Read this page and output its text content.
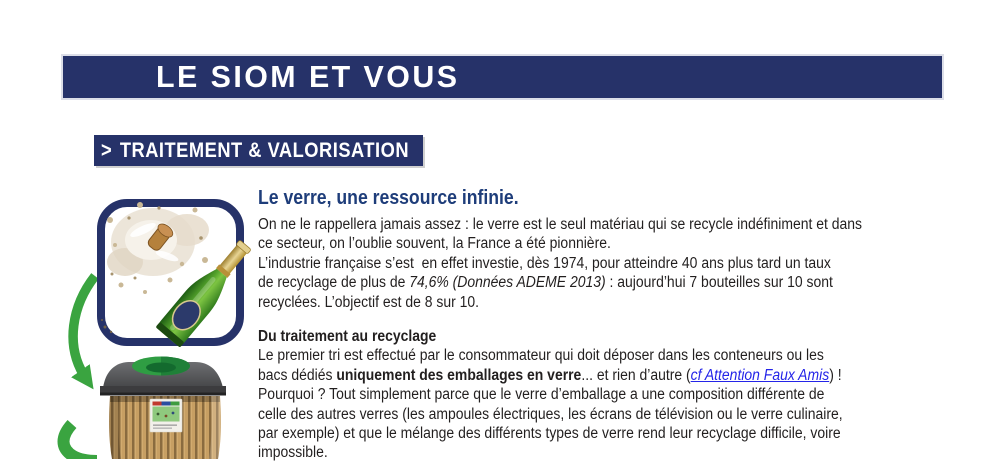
LE SIOM ET VOUS
> TRAITEMENT & VALORISATION
Le verre, une ressource infinie.
On ne le rappellera jamais assez : le verre est le seul matériau qui se recycle indéfiniment et dans
ce secteur, on l’oublie souvent, la France a été pionnière.
L’industrie française s’est  en effet investie, dès 1974, pour atteindre 40 ans plus tard un taux
de recyclage de plus de 74,6% (Données ADEME 2013) : aujourd’hui 7 bouteilles sur 10 sont
recyclées. L’objectif est de 8 sur 10.
Du traitement au recyclage
Le premier tri est effectué par le consommateur qui doit déposer dans les conteneurs ou les
bacs dédiés uniquement des emballages en verre... et rien d’autre (cf Attention Faux Amis) !
Pourquoi ? Tout simplement parce que le verre d’emballage a une composition différente de
celle des autres verres (les ampoules électriques, les écrans de télévision ou le verre culinaire,
par exemple) et que le mélange des différents types de verre rend leur recyclage difficile, voire
impossible.
